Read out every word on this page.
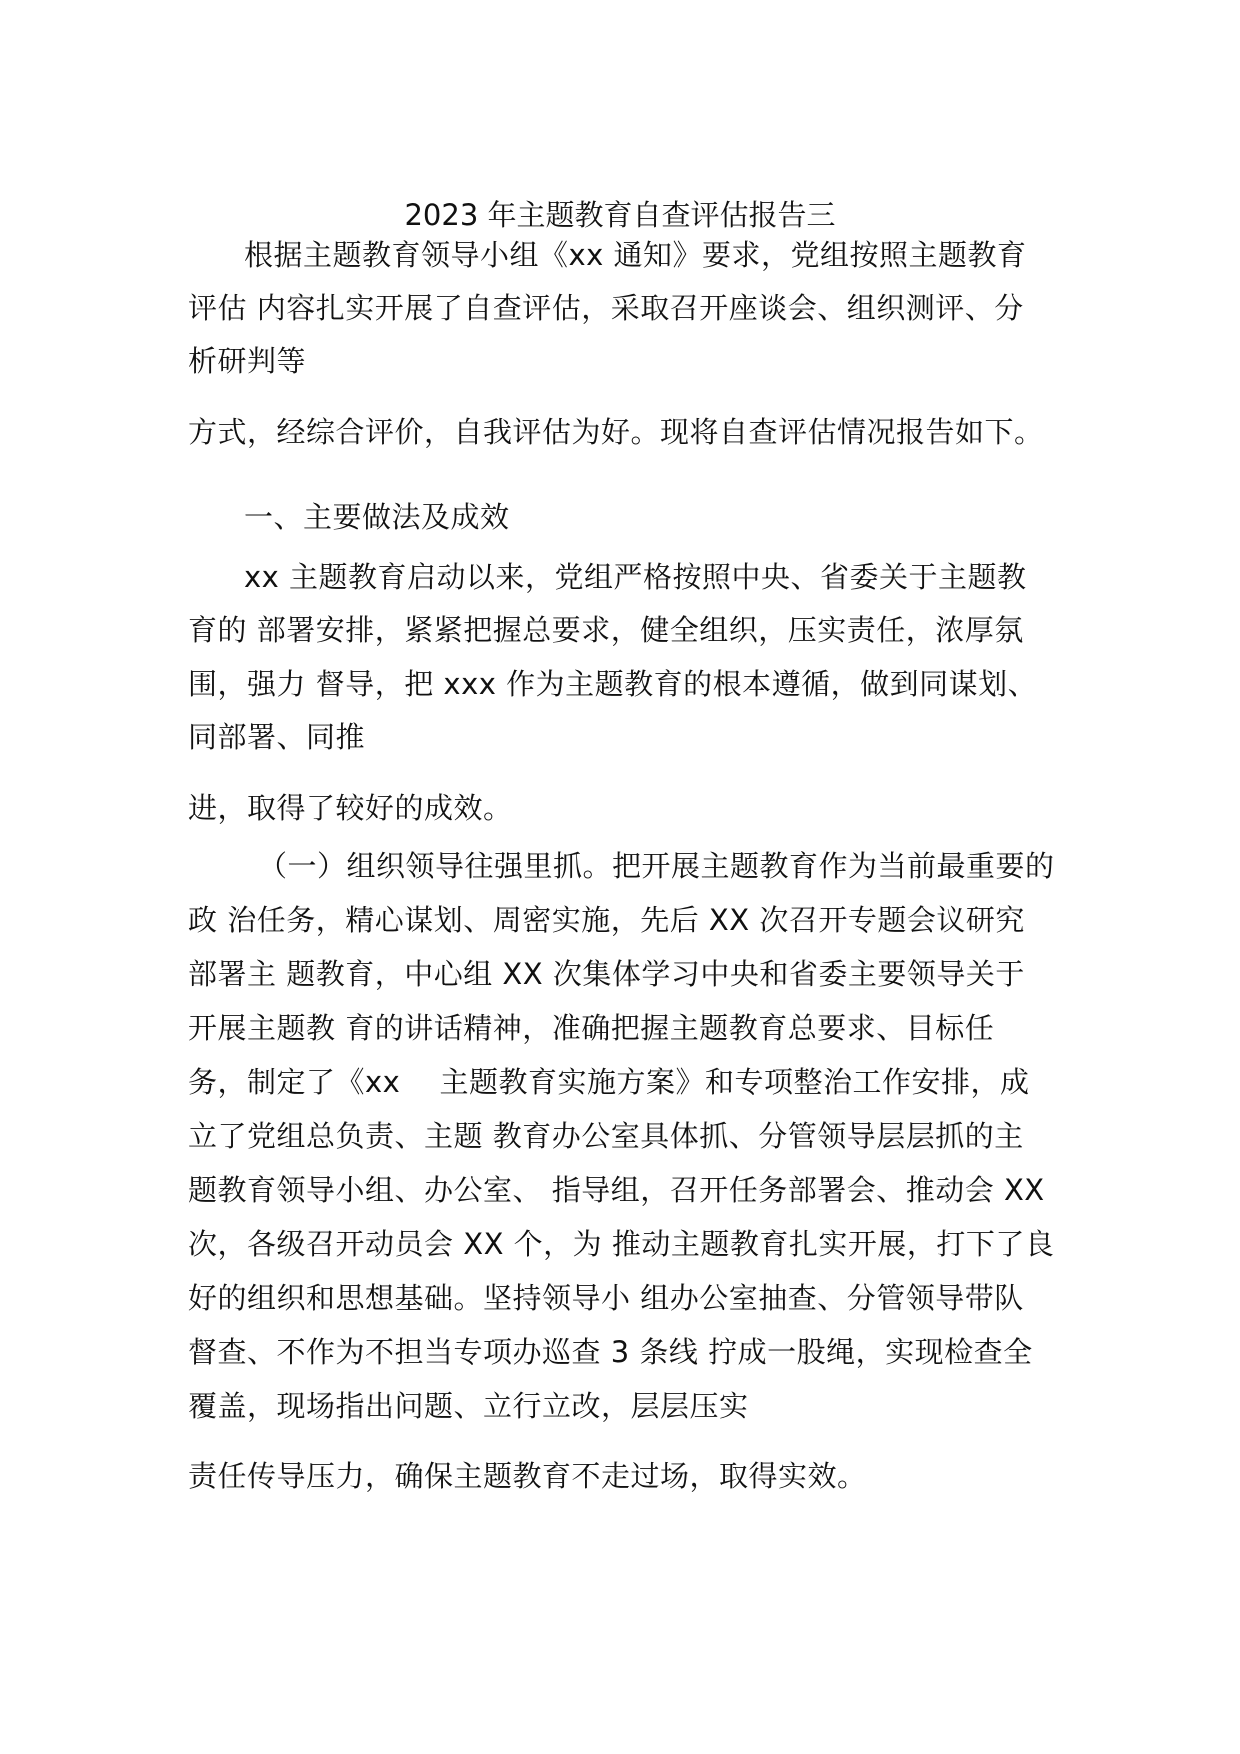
2023 年主题教育自查评估报告三
根据主题教育领导小组《xx 通知》要求，党组按照主题教育
评估 内容扎实开展了自查评估，采取召开座谈会、组织测评、分
析研判等
方式，经综合评价，自我评估为好。现将自查评估情况报告如下。
一、主要做法及成效
xx 主题教育启动以来，党组严格按照中央、省委关于主题教
育的 部署安排，紧紧把握总要求，健全组织，压实责任，浓厚氛
围，强力 督导，把 xxx 作为主题教育的根本遵循，做到同谋划、
同部署、同推
进，取得了较好的成效。
（一）组织领导往强里抓。把开展主题教育作为当前最重要的
政 治任务，精心谋划、周密实施，先后 XX 次召开专题会议研究
部署主 题教育，中心组 XX 次集体学习中央和省委主要领导关于
开展主题教 育的讲话精神，准确把握主题教育总要求、目标任
务，制定了《xx　 主题教育实施方案》和专项整治工作安排，成
立了党组总负责、主题 教育办公室具体抓、分管领导层层抓的主
题教育领导小组、办公室、 指导组，召开任务部署会、推动会 XX
次，各级召开动员会 XX 个，为 推动主题教育扎实开展，打下了良
好的组织和思想基础。坚持领导小 组办公室抽查、分管领导带队
督查、不作为不担当专项办巡查 3 条线 拧成一股绳，实现检查全
覆盖，现场指出问题、立行立改，层层压实
责任传导压力，确保主题教育不走过场，取得实效。
